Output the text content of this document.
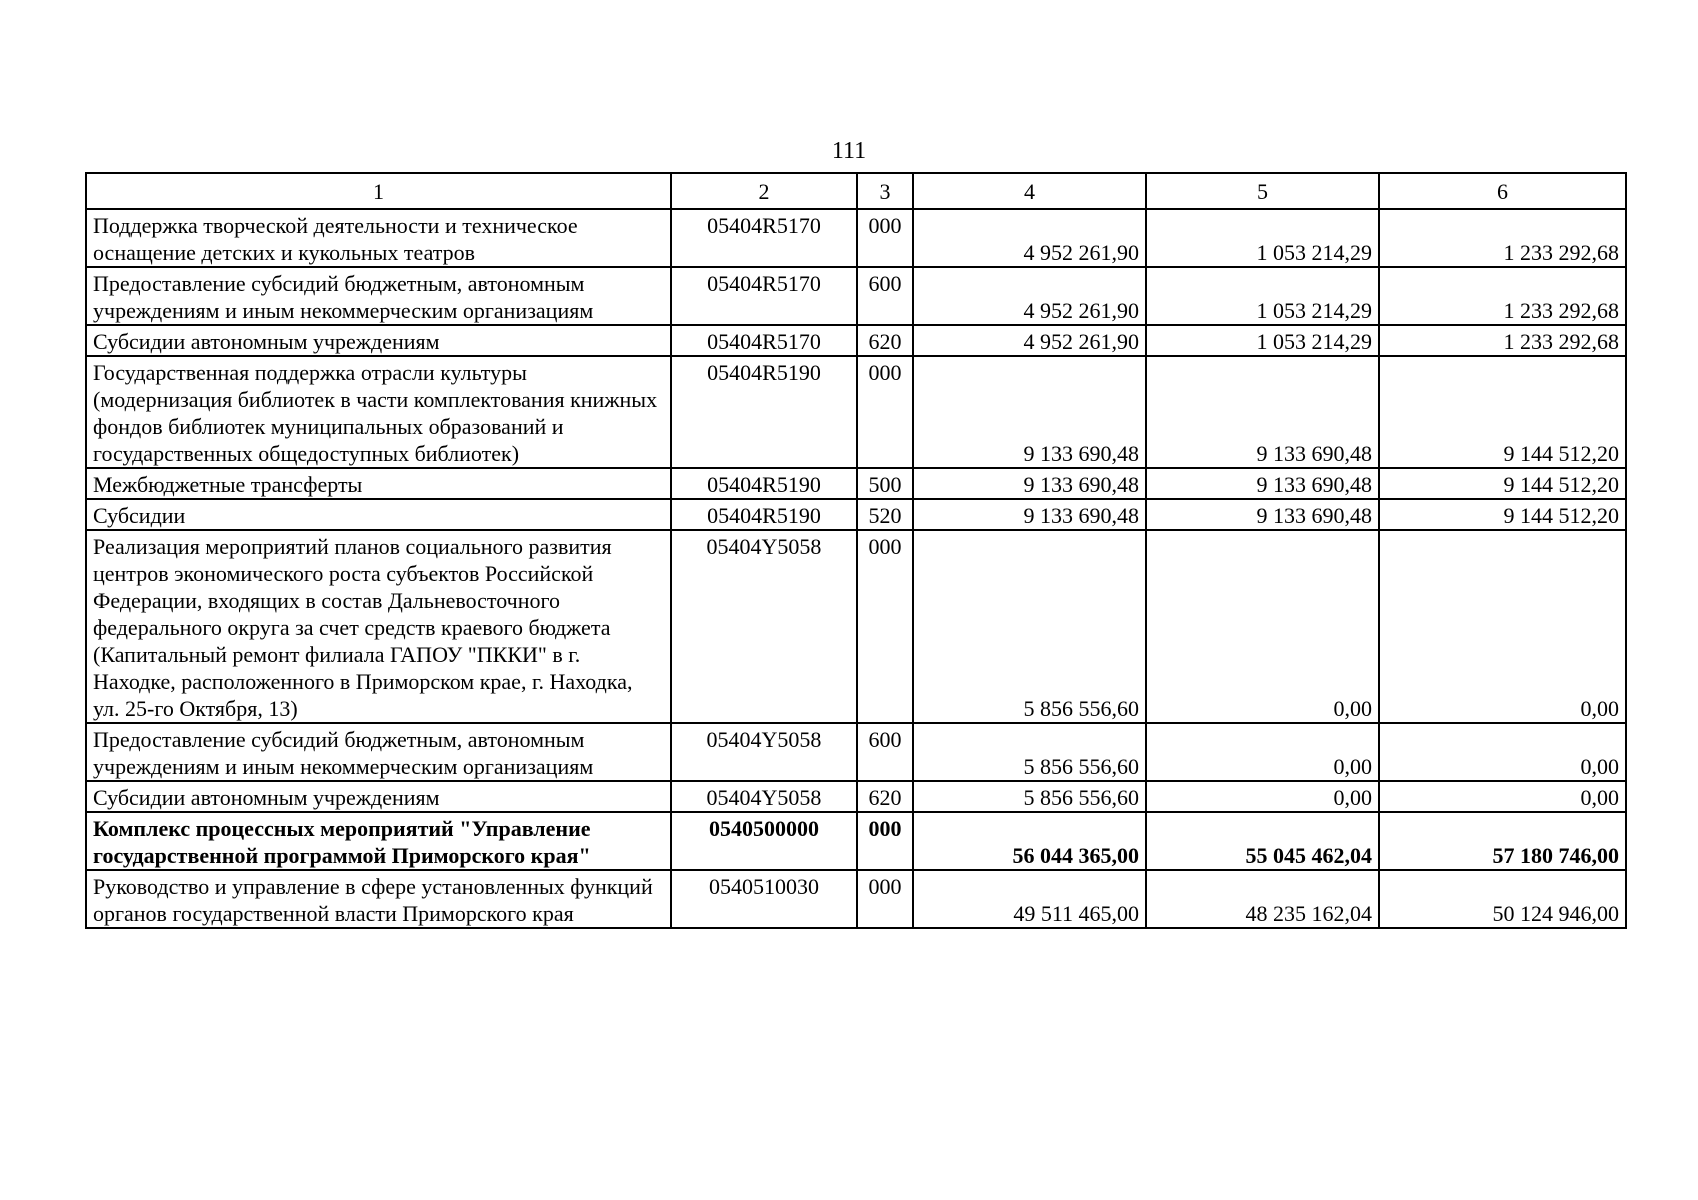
111
1	2	3	4	5	6
Поддержка творческой деятельности и техническое оснащение детских и кукольных театров	05404R5170	000	4 952 261,90	1 053 214,29	1 233 292,68
Предоставление субсидий бюджетным, автономным учреждениям и иным некоммерческим организациям	05404R5170	600	4 952 261,90	1 053 214,29	1 233 292,68
Субсидии автономным учреждениям	05404R5170	620	4 952 261,90	1 053 214,29	1 233 292,68
Государственная поддержка отрасли культуры (модернизация библиотек в части комплектования книжных фондов библиотек муниципальных образований и государственных общедоступных библиотек)	05404R5190	000	9 133 690,48	9 133 690,48	9 144 512,20
Межбюджетные трансферты	05404R5190	500	9 133 690,48	9 133 690,48	9 144 512,20
Субсидии	05404R5190	520	9 133 690,48	9 133 690,48	9 144 512,20
Реализация мероприятий планов социального развития центров экономического роста субъектов Российской Федерации, входящих в состав Дальневосточного федерального округа за счет средств краевого бюджета (Капитальный ремонт филиала ГАПОУ "ПККИ" в г. Находке, расположенного в Приморском крае, г. Находка, ул. 25-го Октября, 13)	05404Y5058	000	5 856 556,60	0,00	0,00
Предоставление субсидий бюджетным, автономным учреждениям и иным некоммерческим организациям	05404Y5058	600	5 856 556,60	0,00	0,00
Субсидии автономным учреждениям	05404Y5058	620	5 856 556,60	0,00	0,00
Комплекс процессных мероприятий "Управление государственной программой Приморского края"	0540500000	000	56 044 365,00	55 045 462,04	57 180 746,00
Руководство и управление в сфере установленных функций органов государственной власти Приморского края	0540510030	000	49 511 465,00	48 235 162,04	50 124 946,00
